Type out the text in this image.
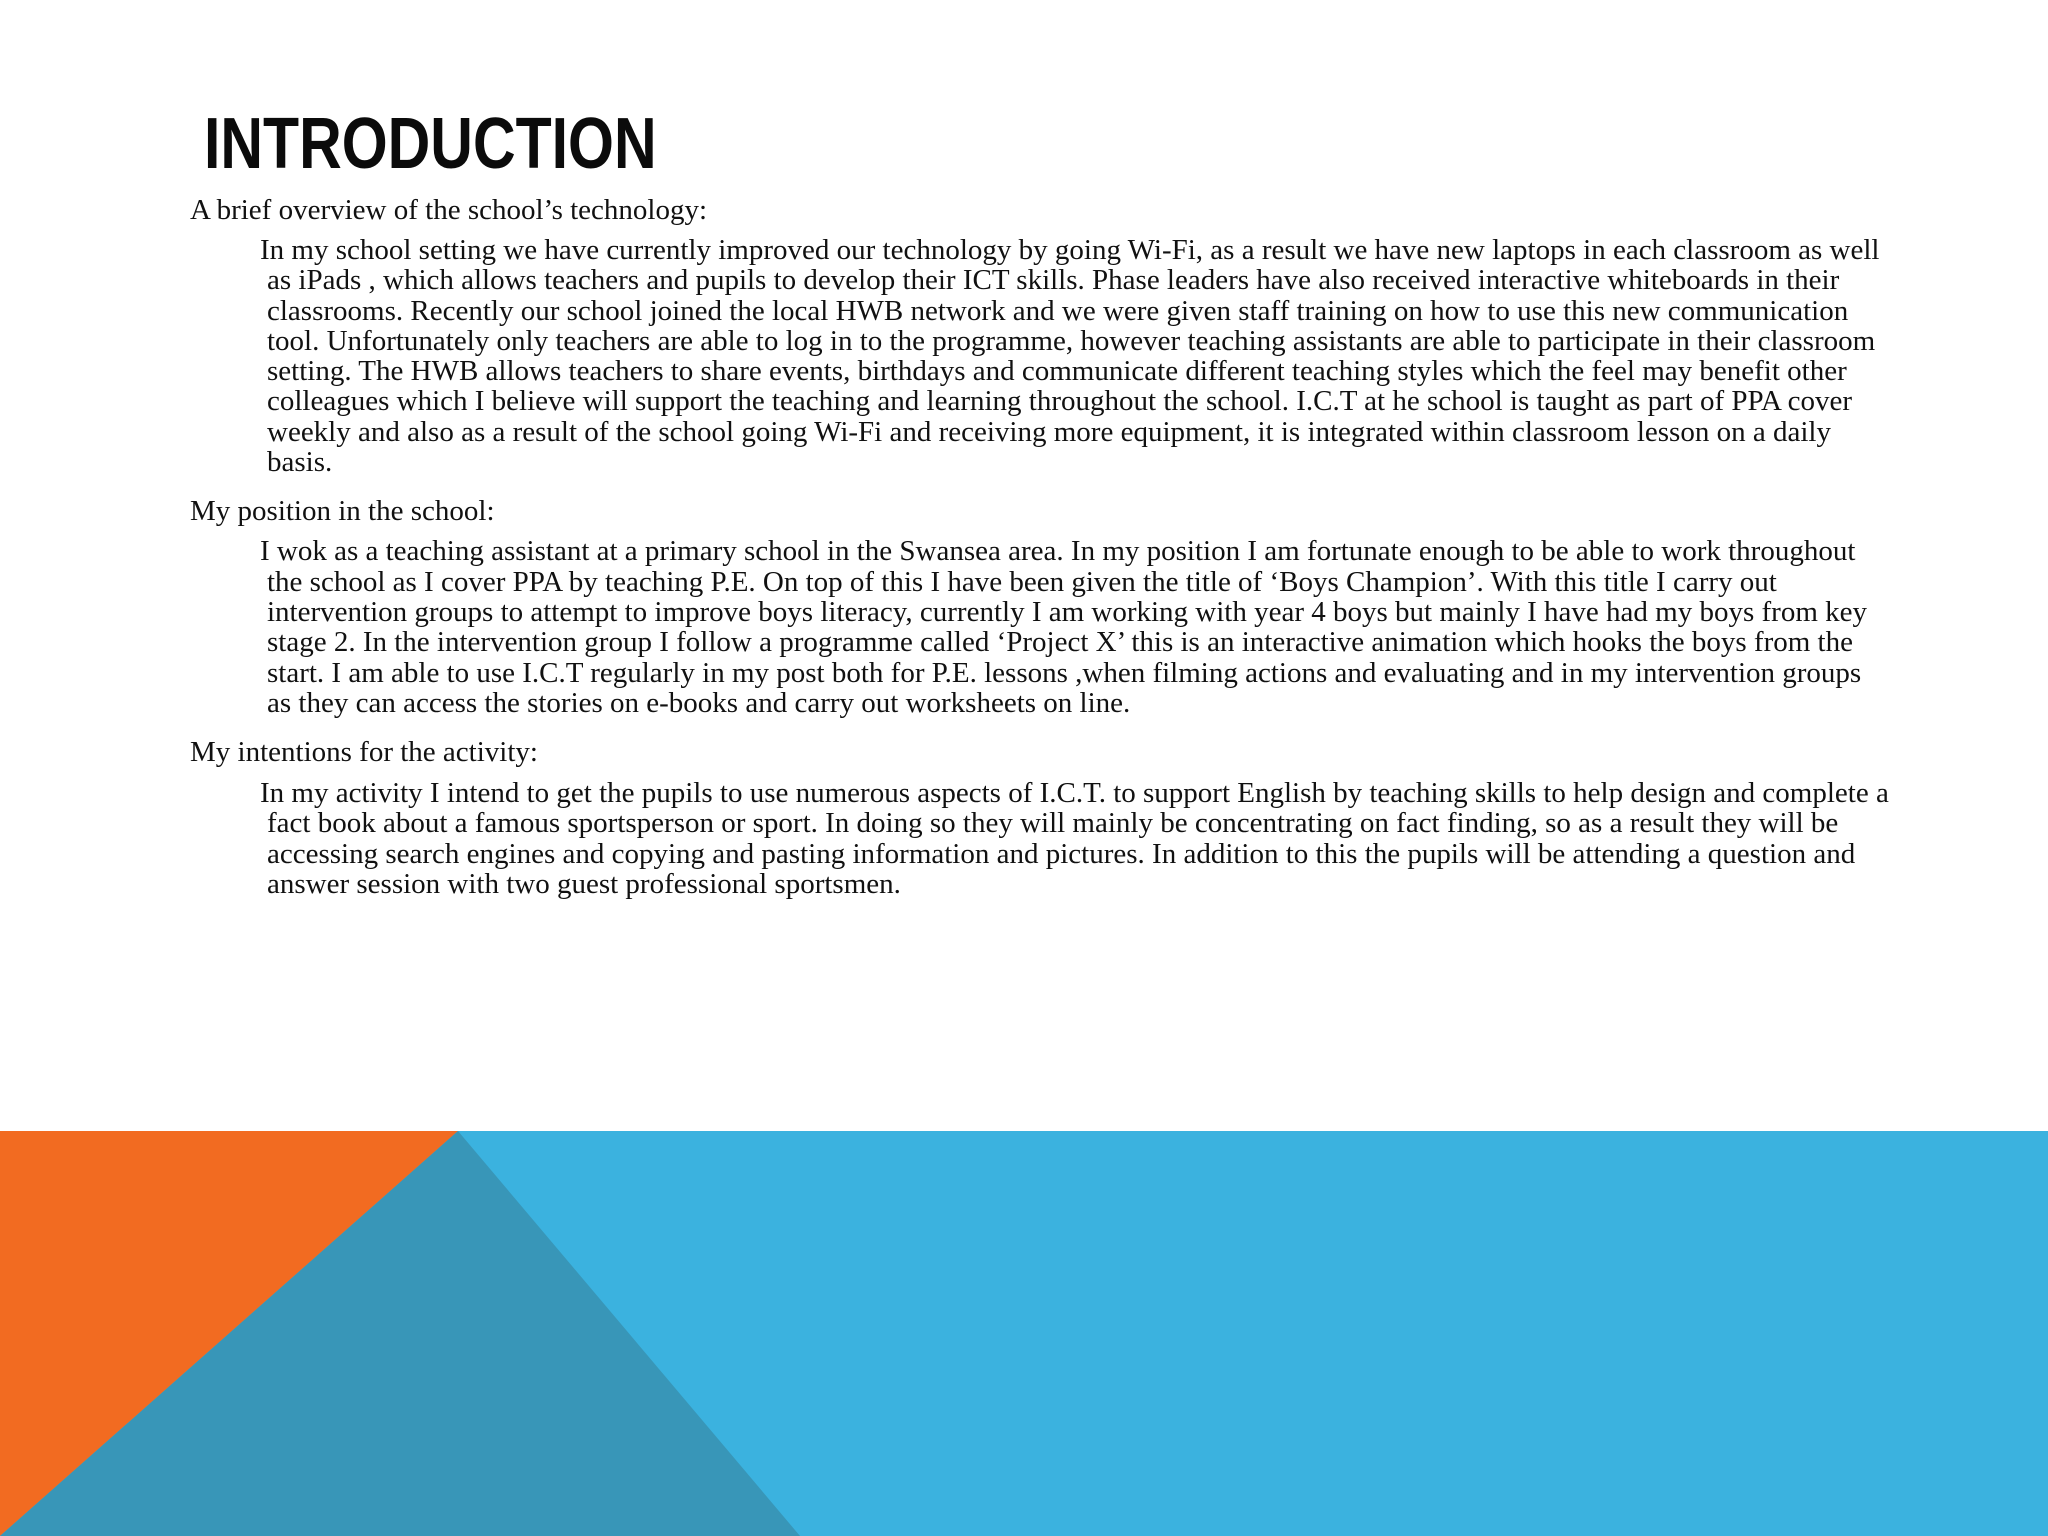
INTRODUCTION

A brief overview of the school’s technology:

In my school setting we have currently improved our technology by going Wi-Fi, as a result we have new laptops in each classroom as well as iPads , which allows teachers and pupils to develop their ICT skills. Phase leaders have also received interactive whiteboards in their classrooms. Recently our school joined the local HWB network and we were given staff training on how to use this new communication tool. Unfortunately only teachers are able to log in to the programme, however teaching assistants are able to participate in their classroom setting. The HWB allows teachers to share events, birthdays and communicate different teaching styles which the feel may benefit other colleagues which I believe will support the teaching and learning throughout the school. I.C.T at he school is taught as part of PPA cover weekly and also as a result of the school going Wi-Fi and receiving more equipment, it is integrated within classroom lesson on a daily basis.

My position in the school:

I wok as a teaching assistant at a primary school in the Swansea area. In my position I am fortunate enough to be able to work throughout the school as I cover PPA by teaching P.E. On top of this I have been given the title of ‘Boys Champion’. With this title I carry out intervention groups to attempt to improve boys literacy, currently I am working with year 4 boys but mainly I have had my boys from key stage 2. In the intervention group I follow a programme called ‘Project X’ this is an interactive animation which hooks the boys from the start. I am able to use I.C.T regularly in my post both for P.E. lessons ,when filming actions and evaluating and in my intervention groups as they can access the stories on e-books and carry out worksheets on line.

My intentions for the activity:

In my activity I intend to get the pupils to use numerous aspects of I.C.T. to support English by teaching skills to help design and complete a fact book about a famous sportsperson or sport. In doing so they will mainly be concentrating on fact finding, so as a result they will be accessing search engines and copying and pasting information and pictures. In addition to this the pupils will be attending a question and answer session with two guest professional sportsmen.
